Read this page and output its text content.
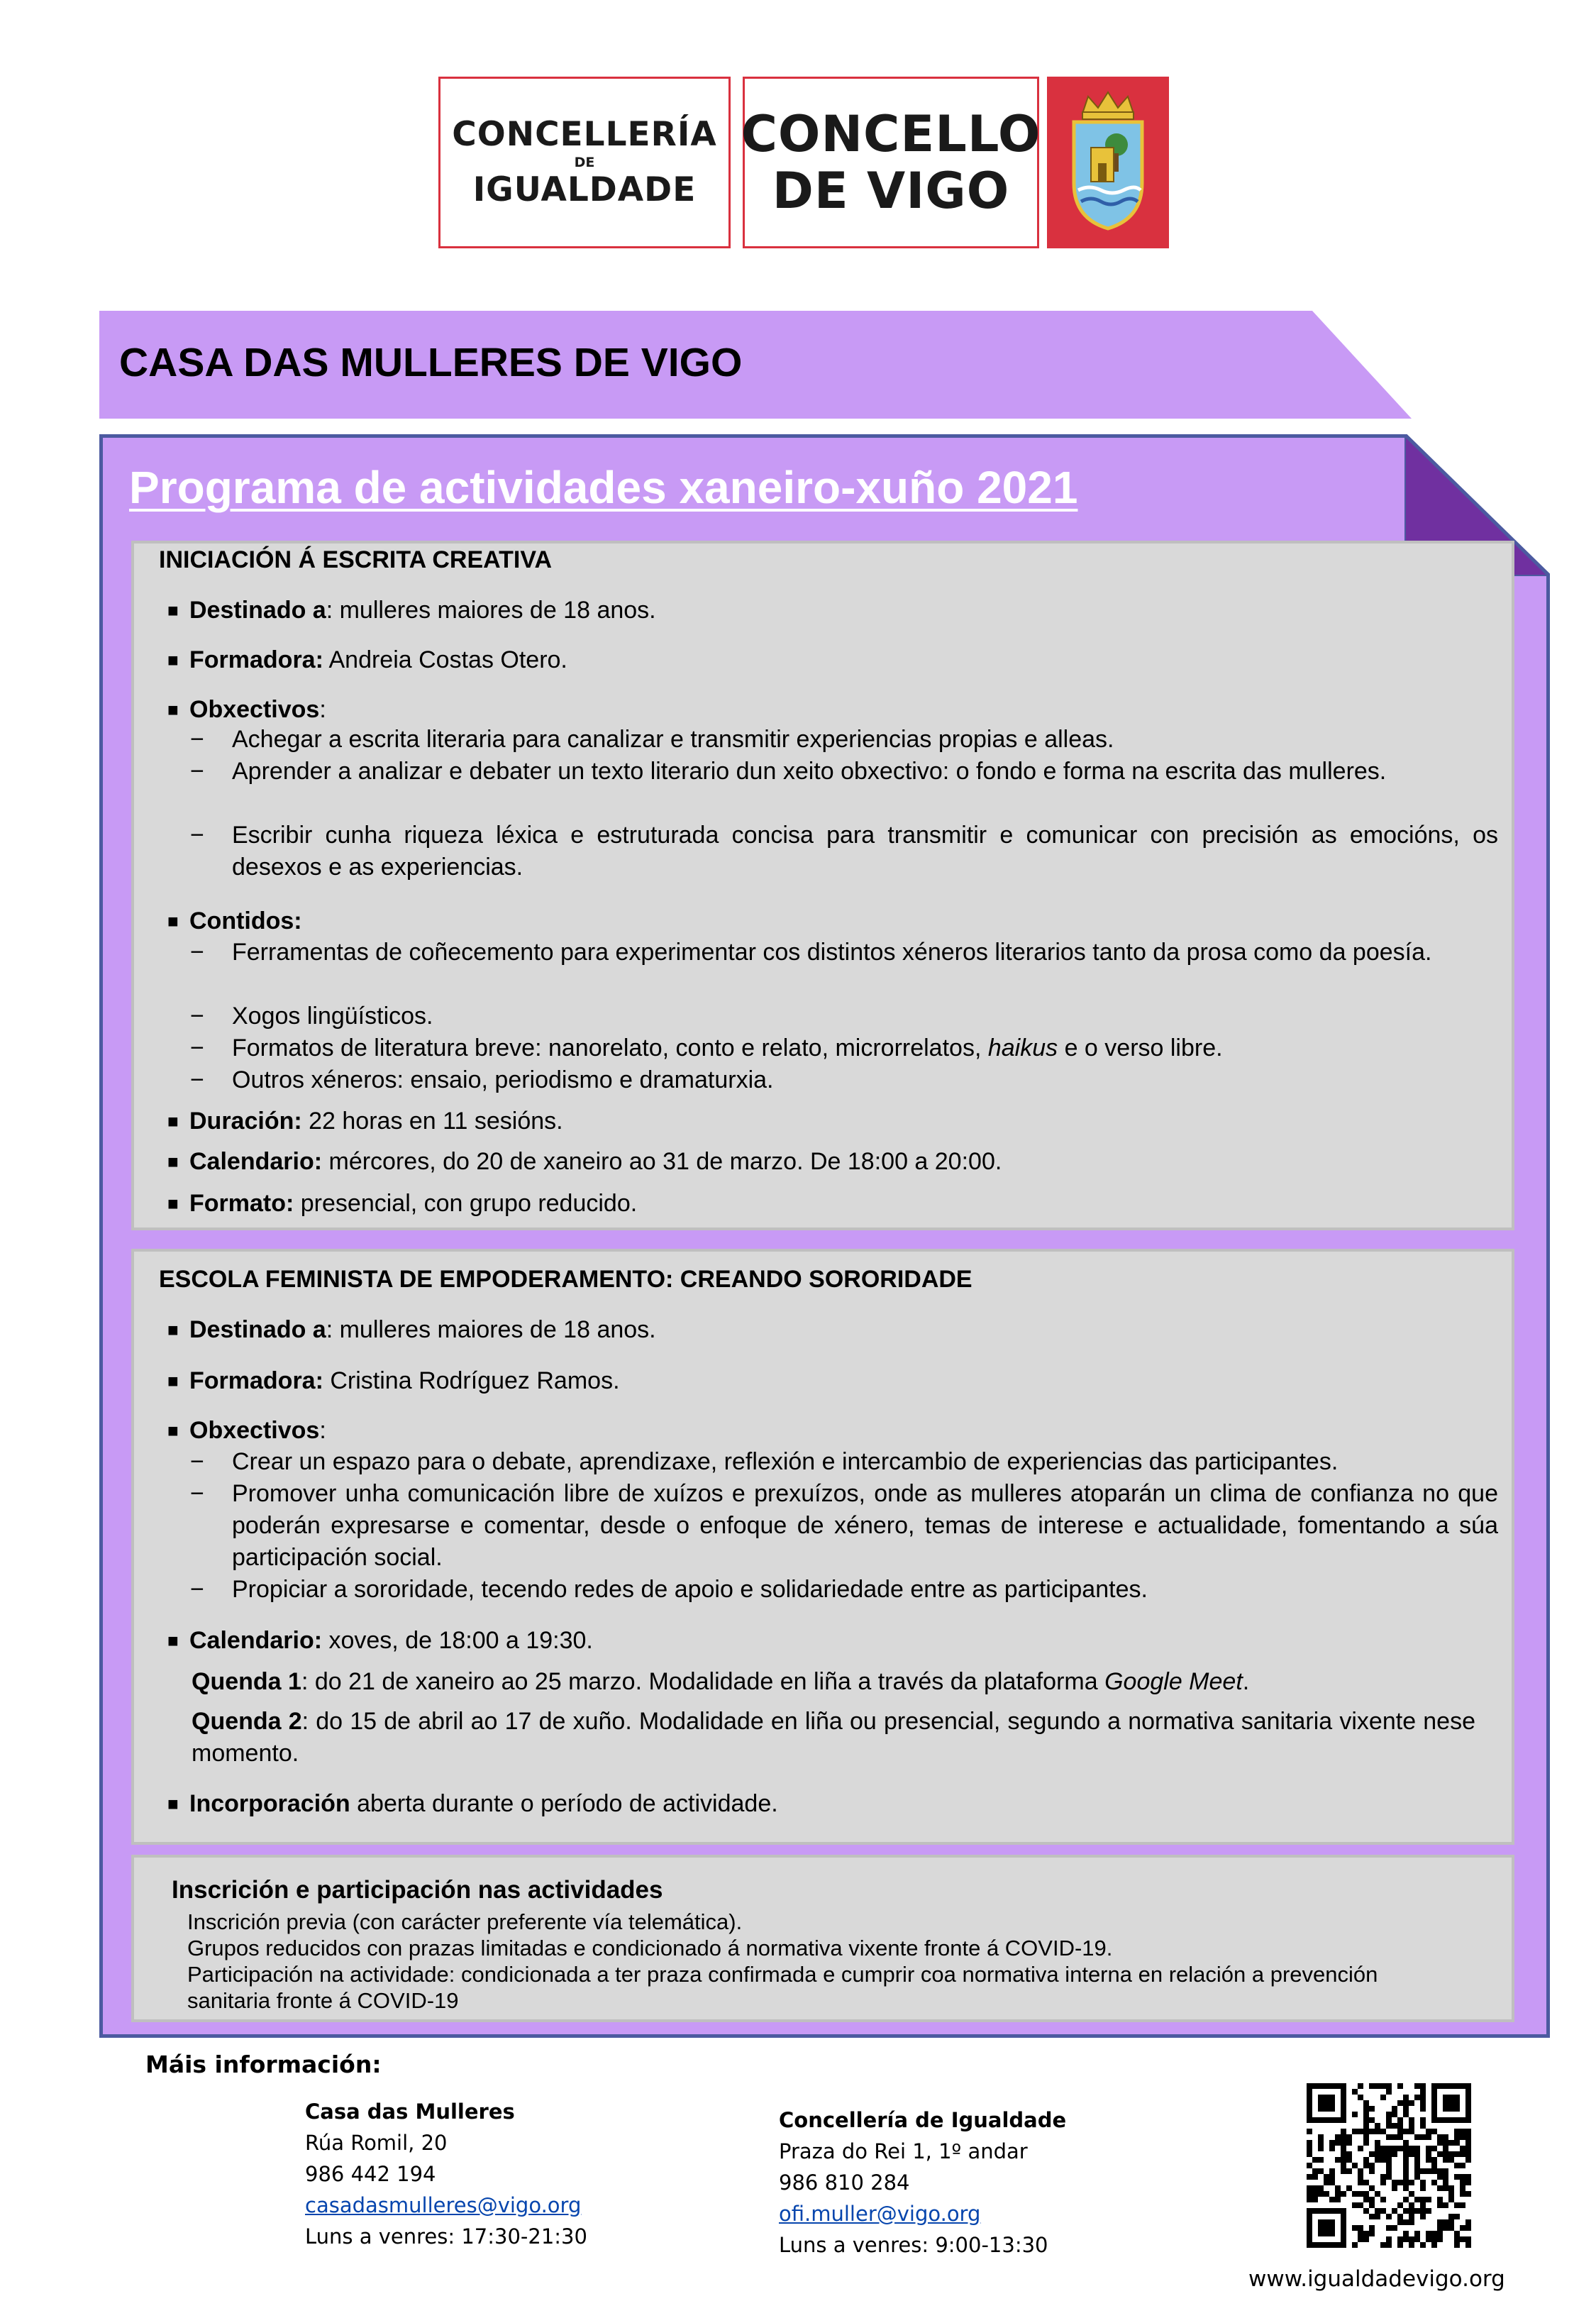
CONCELLERÍA
DE
IGUALDADE
CONCELLO
DE VIGO
CASA DAS MULLERES DE VIGO
Programa de actividades xaneiro-xuño 2021
INICIACIÓN Á ESCRITA CREATIVA
■ Destinado a: mulleres maiores de 18 anos.
■ Formadora: Andreia Costas Otero.
■ Obxectivos:
− Achegar a escrita literaria para canalizar e transmitir experiencias propias e alleas.
− Aprender a analizar e debater un texto literario dun xeito obxectivo: o fondo e forma na escrita das mulleres.
− Escribir cunha riqueza léxica e estruturada concisa para transmitir e comunicar con precisión as emocións, os desexos e as experiencias.
■ Contidos:
− Ferramentas de coñecemento para experimentar cos distintos xéneros literarios tanto da prosa como da poesía.
− Xogos lingüísticos.
− Formatos de literatura breve: nanorelato, conto e relato, microrrelatos, haikus e o verso libre.
− Outros xéneros: ensaio, periodismo e dramaturxia.
■ Duración: 22 horas en 11 sesións.
■ Calendario: mércores, do 20 de xaneiro ao 31 de marzo. De 18:00 a 20:00.
■ Formato: presencial, con grupo reducido.
ESCOLA FEMINISTA DE EMPODERAMENTO: CREANDO SORORIDADE
■ Destinado a: mulleres maiores de 18 anos.
■ Formadora: Cristina Rodríguez Ramos.
■ Obxectivos:
− Crear un espazo para o debate, aprendizaxe, reflexión e intercambio de experiencias das participantes.
− Promover unha comunicación libre de xuízos e prexuízos, onde as mulleres atoparán un clima de confianza no que poderán expresarse e comentar, desde o enfoque de xénero, temas de interese e actualidade, fomentando a súa participación social.
− Propiciar a sororidade, tecendo redes de apoio e solidariedade entre as participantes.
■ Calendario: xoves, de 18:00 a 19:30.
Quenda 1: do 21 de xaneiro ao 25 marzo. Modalidade en liña a través da plataforma Google Meet.
Quenda 2: do 15 de abril ao 17 de xuño. Modalidade en liña ou presencial, segundo a normativa sanitaria vixente nese momento.
■ Incorporación aberta durante o período de actividade.
Inscrición e participación nas actividades
Inscrición previa (con carácter preferente vía telemática).
Grupos reducidos con prazas limitadas e condicionado á normativa vixente fronte á COVID-19.
Participación na actividade: condicionada a ter praza confirmada e cumprir coa normativa interna en relación a prevención
sanitaria fronte á COVID-19
Máis información:
Casa das Mulleres
Rúa Romil, 20
986 442 194
casadasmulleres@vigo.org
Luns a venres: 17:30-21:30
Concellería de Igualdade
Praza do Rei 1, 1º andar
986 810 284
ofi.muller@vigo.org
Luns a venres: 9:00-13:30
www.igualdadevigo.org
